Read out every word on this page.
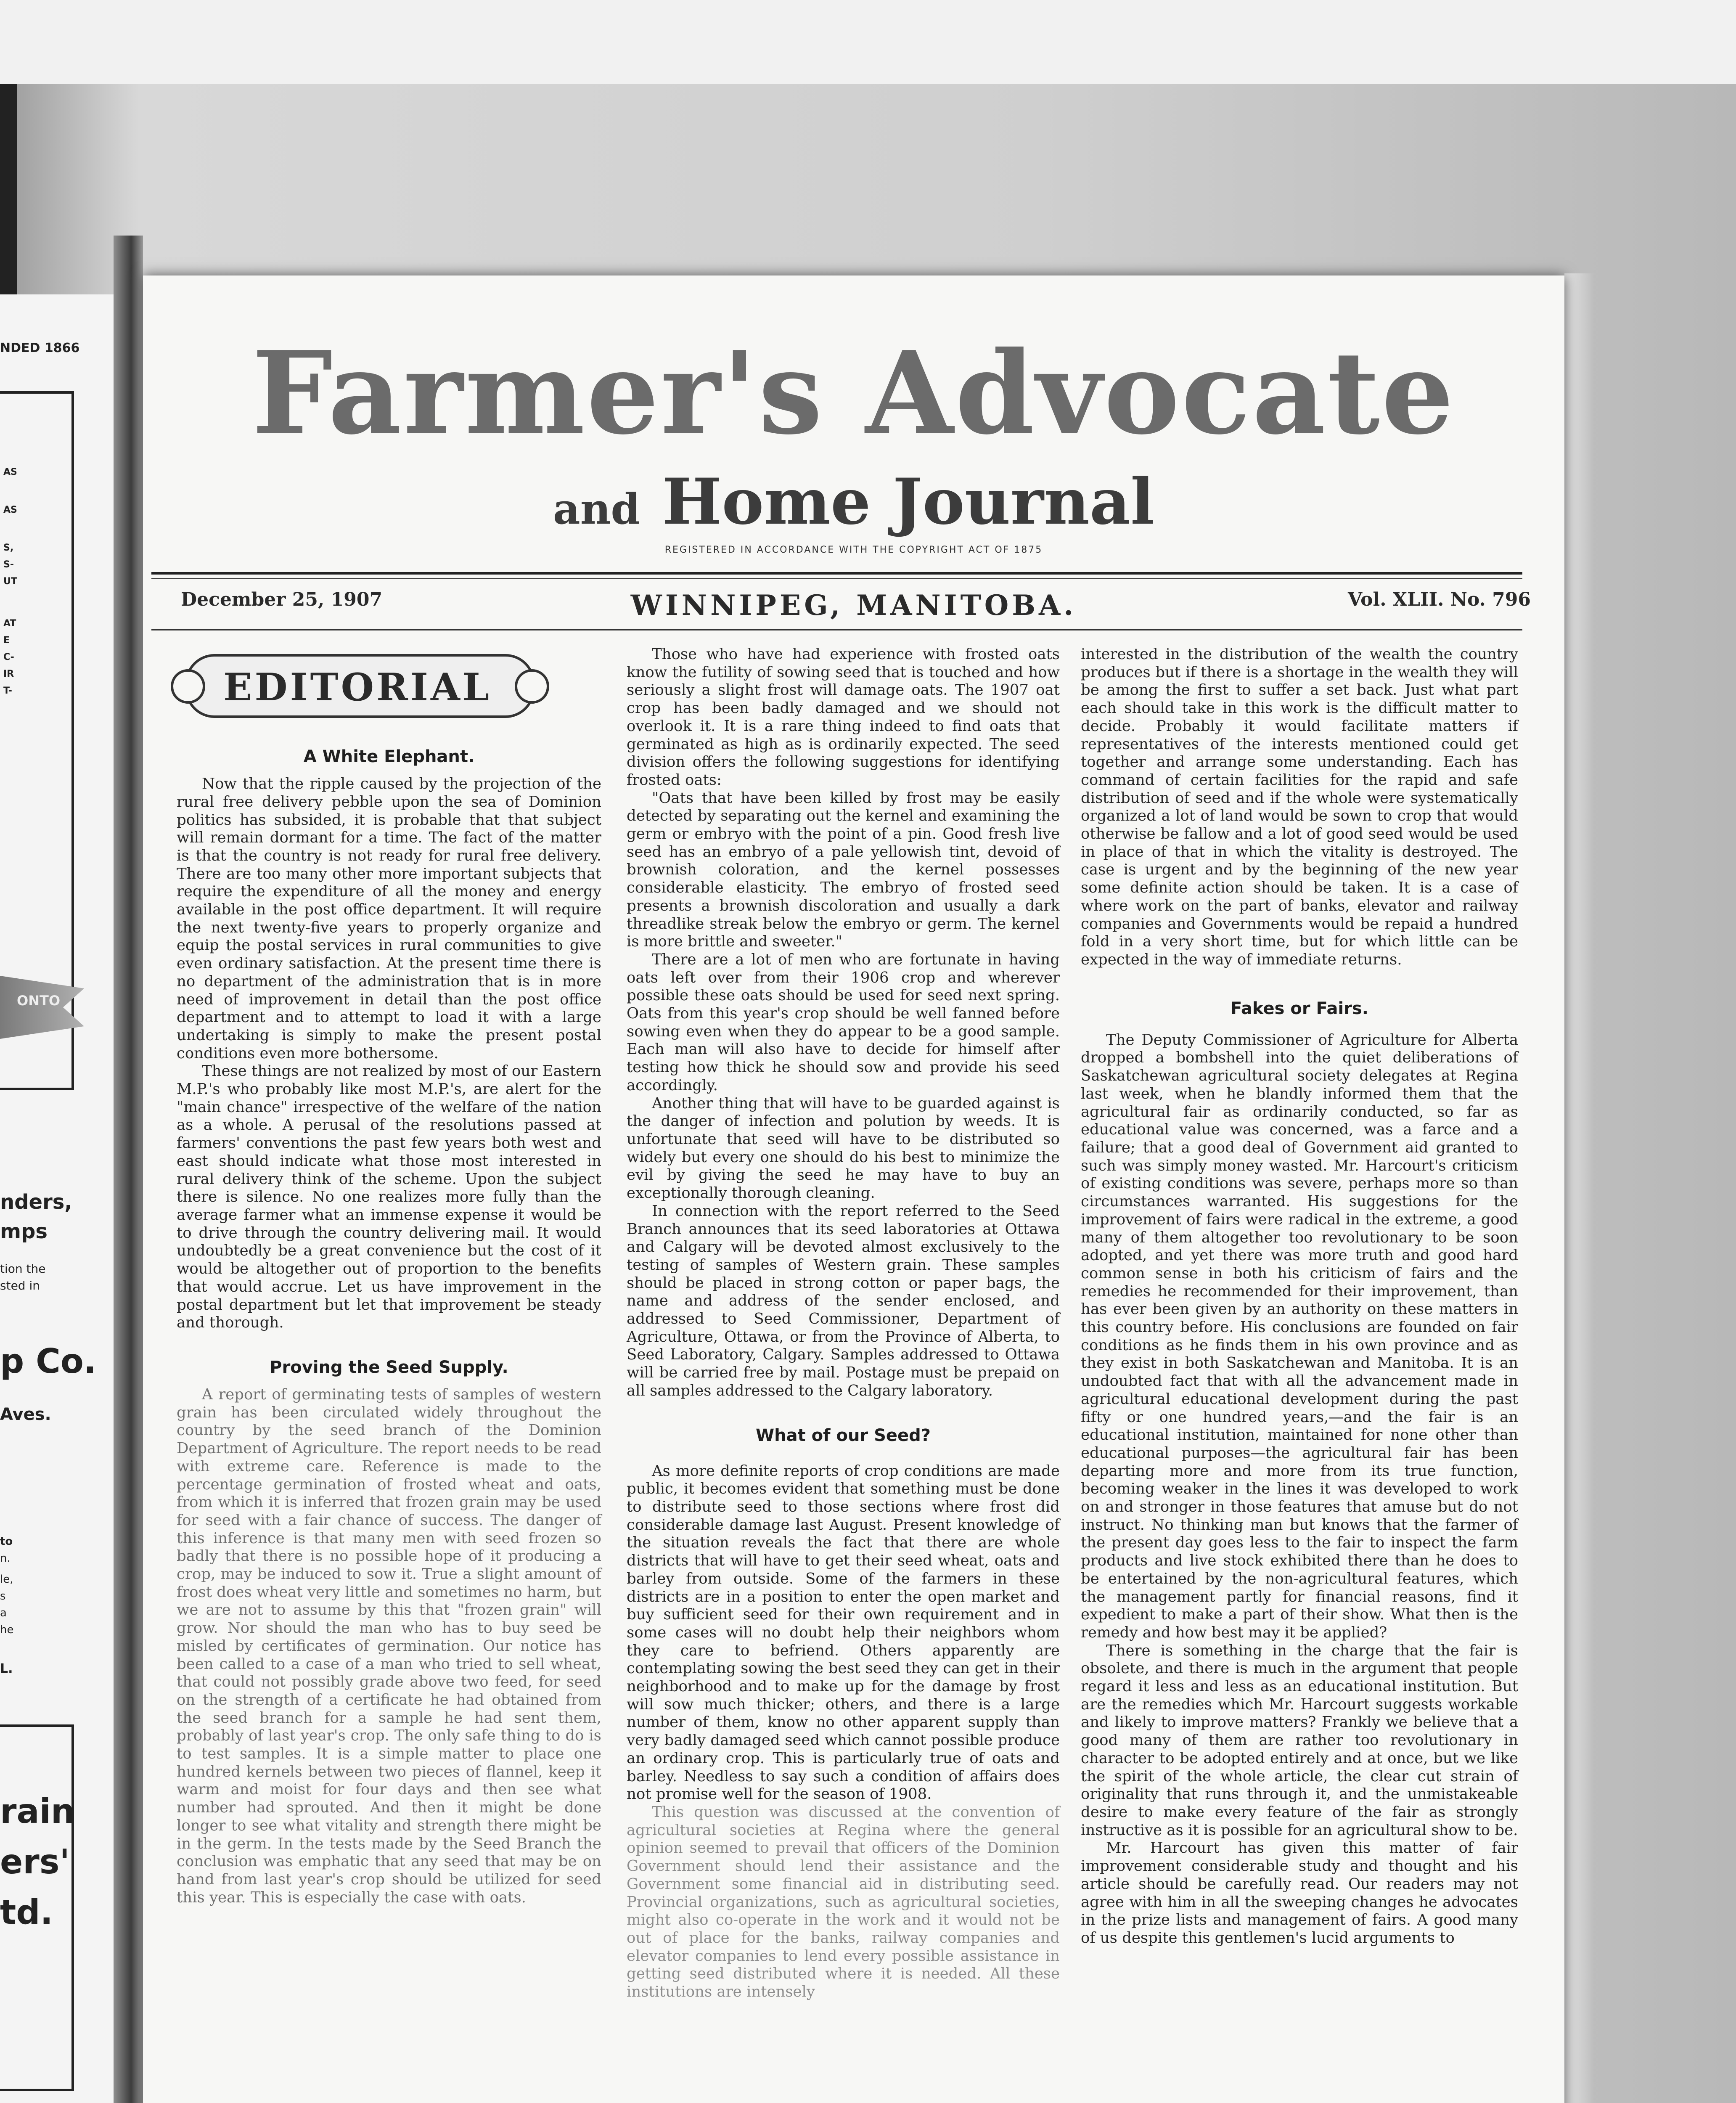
NDED 1866
AS
AS
S,
S-
UT
AT
E
C-
IR
T-
ONTO
nders,
mps
tion the
sted in
p Co.
Aves.
to
n.
le,
s
a
he
L.
rain
ers'
td.
Farmer's Advocate
and Home Journal
REGISTERED IN ACCORDANCE WITH THE COPYRIGHT ACT OF 1875
December 25, 1907	WINNIPEG, MANITOBA.	Vol. XLII. No. 796
EDITORIAL
A White Elephant.

Now that the ripple caused by the projection of the rural free delivery pebble upon the sea of Dominion politics has subsided, it is probable that that subject will remain dormant for a time. The fact of the matter is that the country is not ready for rural free delivery. There are too many other more important subjects that require the expenditure of all the money and energy available in the post office department. It will require the next twenty-five years to properly organize and equip the postal services in rural communities to give even ordinary satisfaction. At the present time there is no department of the administration that is in more need of improvement in detail than the post office department and to attempt to load it with a large undertaking is simply to make the present postal conditions even more bothersome.

These things are not realized by most of our Eastern M.P.'s who probably like most M.P.'s, are alert for the "main chance" irrespective of the welfare of the nation as a whole. A perusal of the resolutions passed at farmers' conventions the past few years both west and east should indicate what those most interested in rural delivery think of the scheme. Upon the subject there is silence. No one realizes more fully than the average farmer what an immense expense it would be to drive through the country delivering mail. It would undoubtedly be a great convenience but the cost of it would be altogether out of proportion to the benefits that would accrue. Let us have improvement in the postal department but let that improvement be steady and thorough.

Proving the Seed Supply.

A report of germinating tests of samples of western grain has been circulated widely throughout the country by the seed branch of the Dominion Department of Agriculture. The report needs to be read with extreme care. Reference is made to the percentage germination of frosted wheat and oats, from which it is inferred that frozen grain may be used for seed with a fair chance of success. The danger of this inference is that many men with seed frozen so badly that there is no possible hope of it producing a crop, may be induced to sow it. True a slight amount of frost does wheat very little and sometimes no harm, but we are not to assume by this that "frozen grain" will grow. Nor should the man who has to buy seed be misled by certificates of germination. Our notice has been called to a case of a man who tried to sell wheat, that could not possibly grade above two feed, for seed on the strength of a certificate he had obtained from the seed branch for a sample he had sent them, probably of last year's crop. The only safe thing to do is to test samples. It is a simple matter to place one hundred kernels between two pieces of flannel, keep it warm and moist for four days and then see what number had sprouted. And then it might be done longer to see what vitality and strength there might be in the germ. In the tests made by the Seed Branch the conclusion was emphatic that any seed that may be on hand from last year's crop should be utilized for seed this year. This is especially the case with oats.

Those who have had experience with frosted oats know the futility of sowing seed that is touched and how seriously a slight frost will damage oats. The 1907 oat crop has been badly damaged and we should not overlook it. It is a rare thing indeed to find oats that germinated as high as is ordinarily expected. The seed division offers the following suggestions for identifying frosted oats:

"Oats that have been killed by frost may be easily detected by separating out the kernel and examining the germ or embryo with the point of a pin. Good fresh live seed has an embryo of a pale yellowish tint, devoid of brownish coloration, and the kernel possesses considerable elasticity. The embryo of frosted seed presents a brownish discoloration and usually a dark threadlike streak below the embryo or germ. The kernel is more brittle and sweeter."

There are a lot of men who are fortunate in having oats left over from their 1906 crop and wherever possible these oats should be used for seed next spring. Oats from this year's crop should be well fanned before sowing even when they do appear to be a good sample. Each man will also have to decide for himself after testing how thick he should sow and provide his seed accordingly.

Another thing that will have to be guarded against is the danger of infection and polution by weeds. It is unfortunate that seed will have to be distributed so widely but every one should do his best to minimize the evil by giving the seed he may have to buy an exceptionally thorough cleaning.

In connection with the report referred to the Seed Branch announces that its seed laboratories at Ottawa and Calgary will be devoted almost exclusively to the testing of samples of Western grain. These samples should be placed in strong cotton or paper bags, the name and address of the sender enclosed, and addressed to Seed Commissioner, Department of Agriculture, Ottawa, or from the Province of Alberta, to Seed Laboratory, Calgary. Samples addressed to Ottawa will be carried free by mail. Postage must be prepaid on all samples addressed to the Calgary laboratory.

What of our Seed?

As more definite reports of crop conditions are made public, it becomes evident that something must be done to distribute seed to those sections where frost did considerable damage last August. Present knowledge of the situation reveals the fact that there are whole districts that will have to get their seed wheat, oats and barley from outside. Some of the farmers in these districts are in a position to enter the open market and buy sufficient seed for their own requirement and in some cases will no doubt help their neighbors whom they care to befriend. Others apparently are contemplating sowing the best seed they can get in their neighborhood and to make up for the damage by frost will sow much thicker; others, and there is a large number of them, know no other apparent supply than very badly damaged seed which cannot possible produce an ordinary crop. This is particularly true of oats and barley. Needless to say such a condition of affairs does not promise well for the season of 1908.

This question was discussed at the convention of agricultural societies at Regina where the general opinion seemed to prevail that officers of the Dominion Government should lend their assistance and the Government some financial aid in distributing seed. Provincial organizations, such as agricultural societies, might also co-operate in the work and it would not be out of place for the banks, railway companies and elevator companies to lend every possible assistance in getting seed distributed where it is needed. All these institutions are intensely

interested in the distribution of the wealth the country produces but if there is a shortage in the wealth they will be among the first to suffer a set back. Just what part each should take in this work is the difficult matter to decide. Probably it would facilitate matters if representatives of the interests mentioned could get together and arrange some understanding. Each has command of certain facilities for the rapid and safe distribution of seed and if the whole were systematically organized a lot of land would be sown to crop that would otherwise be fallow and a lot of good seed would be used in place of that in which the vitality is destroyed. The case is urgent and by the beginning of the new year some definite action should be taken. It is a case of where work on the part of banks, elevator and railway companies and Governments would be repaid a hundred fold in a very short time, but for which little can be expected in the way of immediate returns.

Fakes or Fairs.

The Deputy Commissioner of Agriculture for Alberta dropped a bombshell into the quiet deliberations of Saskatchewan agricultural society delegates at Regina last week, when he blandly informed them that the agricultural fair as ordinarily conducted, so far as educational value was concerned, was a farce and a failure; that a good deal of Government aid granted to such was simply money wasted. Mr. Harcourt's criticism of existing conditions was severe, perhaps more so than circumstances warranted. His suggestions for the improvement of fairs were radical in the extreme, a good many of them altogether too revolutionary to be soon adopted, and yet there was more truth and good hard common sense in both his criticism of fairs and the remedies he recommended for their improvement, than has ever been given by an authority on these matters in this country before. His conclusions are founded on fair conditions as he finds them in his own province and as they exist in both Saskatchewan and Manitoba. It is an undoubted fact that with all the advancement made in agricultural educational development during the past fifty or one hundred years,—and the fair is an educational institution, maintained for none other than educational purposes—the agricultural fair has been departing more and more from its true function, becoming weaker in the lines it was developed to work on and stronger in those features that amuse but do not instruct. No thinking man but knows that the farmer of the present day goes less to the fair to inspect the farm products and live stock exhibited there than he does to be entertained by the non-agricultural features, which the management partly for financial reasons, find it expedient to make a part of their show. What then is the remedy and how best may it be applied?

There is something in the charge that the fair is obsolete, and there is much in the argument that people regard it less and less as an educational institution. But are the remedies which Mr. Harcourt suggests workable and likely to improve matters? Frankly we believe that a good many of them are rather too revolutionary in character to be adopted entirely and at once, but we like the spirit of the whole article, the clear cut strain of originality that runs through it, and the unmistakeable desire to make every feature of the fair as strongly instructive as it is possible for an agricultural show to be.

Mr. Harcourt has given this matter of fair improvement considerable study and thought and his article should be carefully read. Our readers may not agree with him in all the sweeping changes he advocates in the prize lists and management of fairs. A good many of us despite this gentlemen's lucid arguments to
